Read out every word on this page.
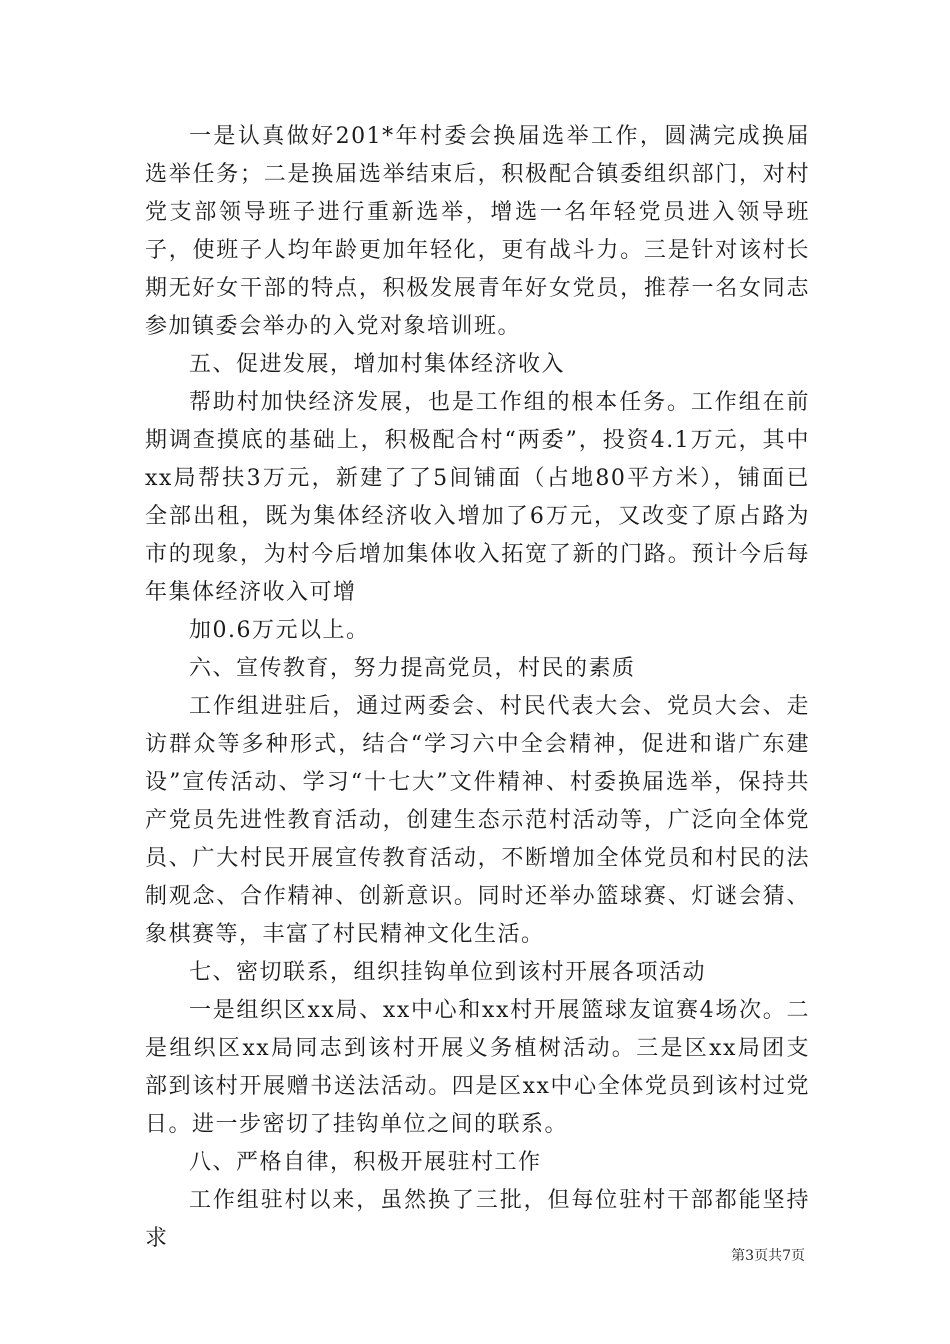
一是认真做好201*年村委会换届选举工作，圆满完成换届选举任务；二是换届选举结束后，积极配合镇委组织部门，对村党支部领导班子进行重新选举，增选一名年轻党员进入领导班子，使班子人均年龄更加年轻化，更有战斗力。三是针对该村长期无好女干部的特点，积极发展青年好女党员，推荐一名女同志参加镇委会举办的入党对象培训班。

五、促进发展，增加村集体经济收入

帮助村加快经济发展，也是工作组的根本任务。工作组在前期调查摸底的基础上，积极配合村“两委”，投资4.1万元，其中xx局帮扶3万元，新建了了5间铺面（占地80平方米），铺面已全部出租，既为集体经济收入增加了6万元，又改变了原占路为市的现象，为村今后增加集体收入拓宽了新的门路。预计今后每年集体经济收入可增

加0.6万元以上。

六、宣传教育，努力提高党员，村民的素质

工作组进驻后，通过两委会、村民代表大会、党员大会、走访群众等多种形式，结合“学习六中全会精神，促进和谐广东建设”宣传活动、学习“十七大”文件精神、村委换届选举，保持共产党员先进性教育活动，创建生态示范村活动等，广泛向全体党员、广大村民开展宣传教育活动，不断增加全体党员和村民的法制观念、合作精神、创新意识。同时还举办篮球赛、灯谜会猜、象棋赛等，丰富了村民精神文化生活。

七、密切联系，组织挂钩单位到该村开展各项活动

一是组织区xx局、xx中心和xx村开展篮球友谊赛4场次。二是组织区xx局同志到该村开展义务植树活动。三是区xx局团支部到该村开展赠书送法活动。四是区xx中心全体党员到该村过党日。进一步密切了挂钩单位之间的联系。

八、严格自律，积极开展驻村工作

工作组驻村以来，虽然换了三批，但每位驻村干部都能坚持求

第3页共7页
